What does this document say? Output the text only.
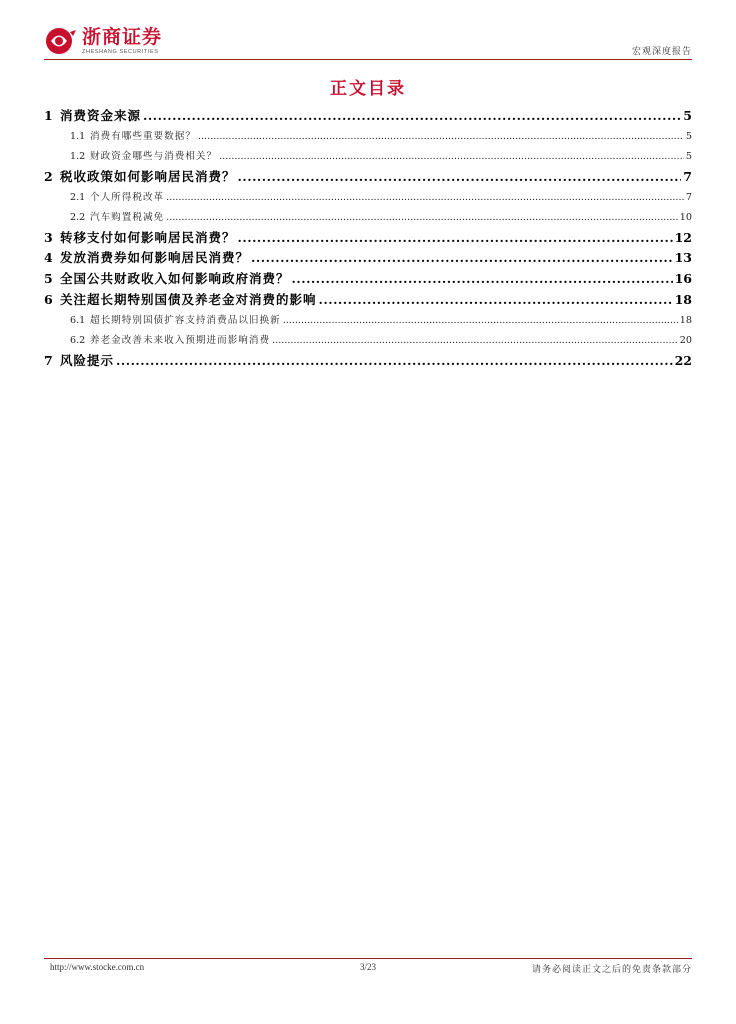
浙商证券
ZHESHANG SECURITIES	宏观深度报告
正文目录
1 消费资金来源 .....	5
1.1 消费有哪些重要数据？ .....	5
1.2 财政资金哪些与消费相关？ .....	5
2 税收政策如何影响居民消费？ .....	7
2.1 个人所得税改革 .....	7
2.2 汽车购置税减免 .....	10
3 转移支付如何影响居民消费？ .....	12
4 发放消费券如何影响居民消费？ .....	13
5 全国公共财政收入如何影响政府消费？ .....	16
6 关注超长期特别国债及养老金对消费的影响 .....	18
6.1 超长期特别国债扩容支持消费品以旧换新 .....	18
6.2 养老金改善未来收入预期进而影响消费 .....	20
7 风险提示 .....	22
http://www.stocke.com.cn	3/23	请务必阅读正文之后的免责条款部分
